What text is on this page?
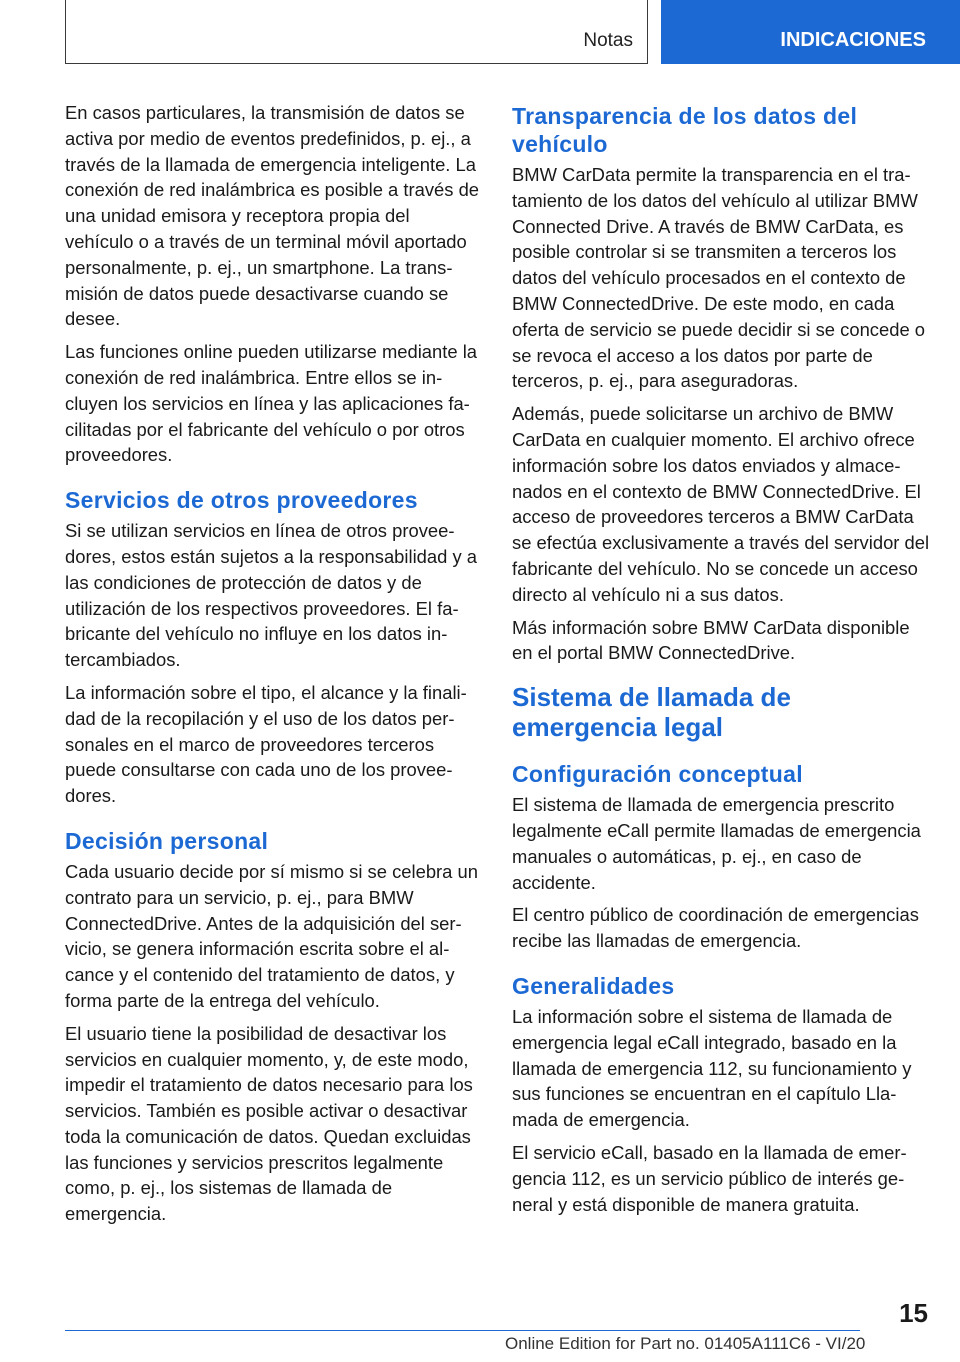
Notas	INDICACIONES

En casos particulares, la transmisión de datos se activa por medio de eventos predefinidos, p. ej., a través de la llamada de emergencia inteligente. La conexión de red inalámbrica es posible a través de una unidad emisora y receptora propia del vehículo o a través de un terminal móvil aportado personalmente, p. ej., un smartphone. La transmisión de datos puede desactivarse cuando se desee.

Las funciones online pueden utilizarse mediante la conexión de red inalámbrica. Entre ellos se incluyen los servicios en línea y las aplicaciones facilitadas por el fabricante del vehículo o por otros proveedores.

Servicios de otros proveedores

Si se utilizan servicios en línea de otros proveedores, estos están sujetos a la responsabilidad y a las condiciones de protección de datos y de utilización de los respectivos proveedores. El fabricante del vehículo no influye en los datos intercambiados.

La información sobre el tipo, el alcance y la finalidad de la recopilación y el uso de los datos personales en el marco de proveedores terceros puede consultarse con cada uno de los proveedores.

Decisión personal

Cada usuario decide por sí mismo si se celebra un contrato para un servicio, p. ej., para BMW ConnectedDrive. Antes de la adquisición del servicio, se genera información escrita sobre el alcance y el contenido del tratamiento de datos, y forma parte de la entrega del vehículo.

El usuario tiene la posibilidad de desactivar los servicios en cualquier momento, y, de este modo, impedir el tratamiento de datos necesario para los servicios. También es posible activar o desactivar toda la comunicación de datos. Quedan excluidas las funciones y servicios prescritos legalmente como, p. ej., los sistemas de llamada de emergencia.

Transparencia de los datos del vehículo

BMW CarData permite la transparencia en el tratamiento de los datos del vehículo al utilizar BMW Connected Drive. A través de BMW CarData, es posible controlar si se transmiten a terceros los datos del vehículo procesados en el contexto de BMW ConnectedDrive. De este modo, en cada oferta de servicio se puede decidir si se concede o se revoca el acceso a los datos por parte de terceros, p. ej., para aseguradoras.

Además, puede solicitarse un archivo de BMW CarData en cualquier momento. El archivo ofrece información sobre los datos enviados y almacenados en el contexto de BMW ConnectedDrive. El acceso de proveedores terceros a BMW CarData se efectúa exclusivamente a través del servidor del fabricante del vehículo. No se concede un acceso directo al vehículo ni a sus datos.

Más información sobre BMW CarData disponible en el portal BMW ConnectedDrive.

Sistema de llamada de emergencia legal
Configuración conceptual

El sistema de llamada de emergencia prescrito legalmente eCall permite llamadas de emergencia manuales o automáticas, p. ej., en caso de accidente.

El centro público de coordinación de emergencias recibe las llamadas de emergencia.

Generalidades

La información sobre el sistema de llamada de emergencia legal eCall integrado, basado en la llamada de emergencia 112, su funcionamiento y sus funciones se encuentran en el capítulo Llamada de emergencia.

El servicio eCall, basado en la llamada de emergencia 112, es un servicio público de interés general y está disponible de manera gratuita.

15
Online Edition for Part no. 01405A111C6 - VI/20
